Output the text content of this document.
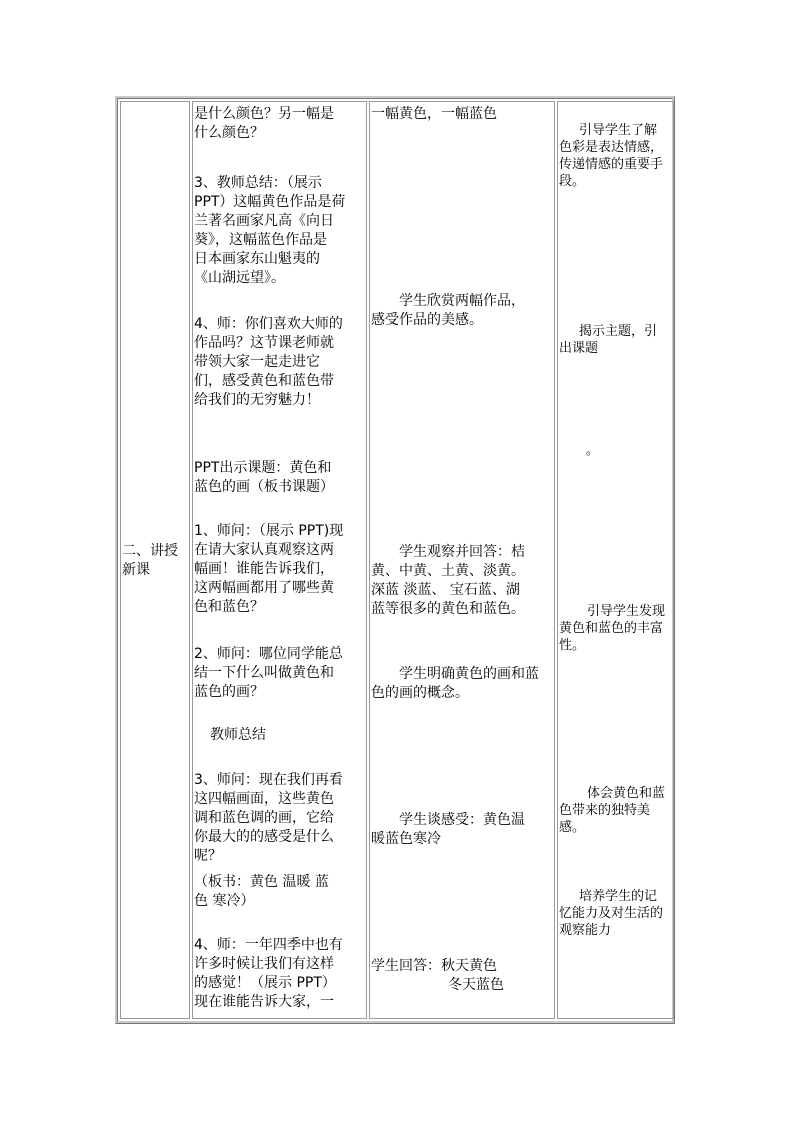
二、讲授
新课
是什么颜色？另一幅是
什么颜色？
3、教师总结：（展示
PPT）这幅黄色作品是荷
兰著名画家凡高《向日
葵》，这幅蓝色作品是
日本画家东山魁夷的
《山湖远望》。
4、师：你们喜欢大师的
作品吗？这节课老师就
带领大家一起走进它
们，感受黄色和蓝色带
给我们的无穷魅力！
PPT出示课题：黄色和
蓝色的画（板书课题）
1、师问：（展示 PPT)现
在请大家认真观察这两
幅画！谁能告诉我们，
这两幅画都用了哪些黄
色和蓝色？
2、师问：哪位同学能总
结一下什么叫做黄色和
蓝色的画？
教师总结
3、师问：现在我们再看
这四幅画面，这些黄色
调和蓝色调的画，它给
你最大的的感受是什么
呢？
（板书：黄色 温暖 蓝
色 寒冷）
4、师：一年四季中也有
许多时候让我们有这样
的感觉！（展示 PPT）
现在谁能告诉大家，一
一幅黄色，一幅蓝色
学生欣赏两幅作品，
感受作品的美感。
学生观察并回答：桔
黄、中黄、土黄、淡黄。
深蓝 淡蓝、 宝石蓝、湖
蓝等很多的黄色和蓝色。
学生明确黄色的画和蓝
色的画的概念。
学生谈感受：黄色温
暖蓝色寒冷
学生回答：秋天黄色
冬天蓝色
引导学生了解
色彩是表达情感，
传递情感的重要手
段。
揭示主题，引
出课题
。
引导学生发现
黄色和蓝色的丰富
性。
体会黄色和蓝
色带来的独特美
感。
培养学生的记
忆能力及对生活的
观察能力
